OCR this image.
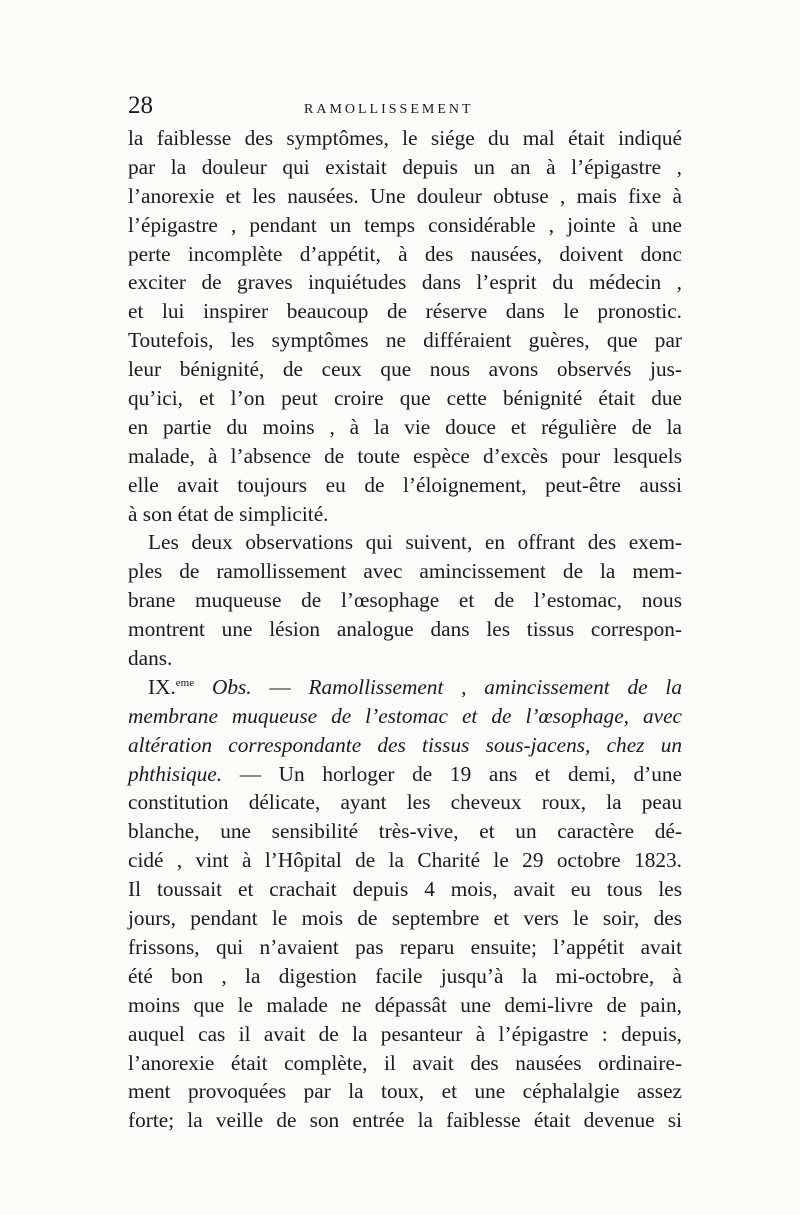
28	RAMOLLISSEMENT
la faiblesse des symptômes, le siége du mal était indiqué
par la douleur qui existait depuis un an à l’épigastre ,
l’anorexie et les nausées. Une douleur obtuse , mais fixe à
l’épigastre , pendant un temps considérable , jointe à une
perte incomplète d’appétit, à des nausées, doivent donc
exciter de graves inquiétudes dans l’esprit du médecin ,
et lui inspirer beaucoup de réserve dans le pronostic.
Toutefois, les symptômes ne différaient guères, que par
leur bénignité, de ceux que nous avons observés jus-
qu’ici, et l’on peut croire que cette bénignité était due
en partie du moins , à la vie douce et régulière de la
malade, à l’absence de toute espèce d’excès pour lesquels
elle avait toujours eu de l’éloignement, peut-être aussi
à son état de simplicité.
Les deux observations qui suivent, en offrant des exem-
ples de ramollissement avec amincissement de la mem-
brane muqueuse de l’œsophage et de l’estomac, nous
montrent une lésion analogue dans les tissus correspon-
dans.
IX.$^{eme}$ Obs. — Ramollissement , amincissement de la
membrane muqueuse de l’estomac et de l’œsophage, avec
altération correspondante des tissus sous-jacens, chez un
phthisique. — Un horloger de 19 ans et demi, d’une
constitution délicate, ayant les cheveux roux, la peau
blanche, une sensibilité très-vive, et un caractère dé-
cidé , vint à l’Hôpital de la Charité le 29 octobre 1823.
Il toussait et crachait depuis 4 mois, avait eu tous les
jours, pendant le mois de septembre et vers le soir, des
frissons, qui n’avaient pas reparu ensuite; l’appétit avait
été bon , la digestion facile jusqu’à la mi-octobre, à
moins que le malade ne dépassât une demi-livre de pain,
auquel cas il avait de la pesanteur à l’épigastre : depuis,
l’anorexie était complète, il avait des nausées ordinaire-
ment provoquées par la toux, et une céphalalgie assez
forte; la veille de son entrée la faiblesse était devenue si
